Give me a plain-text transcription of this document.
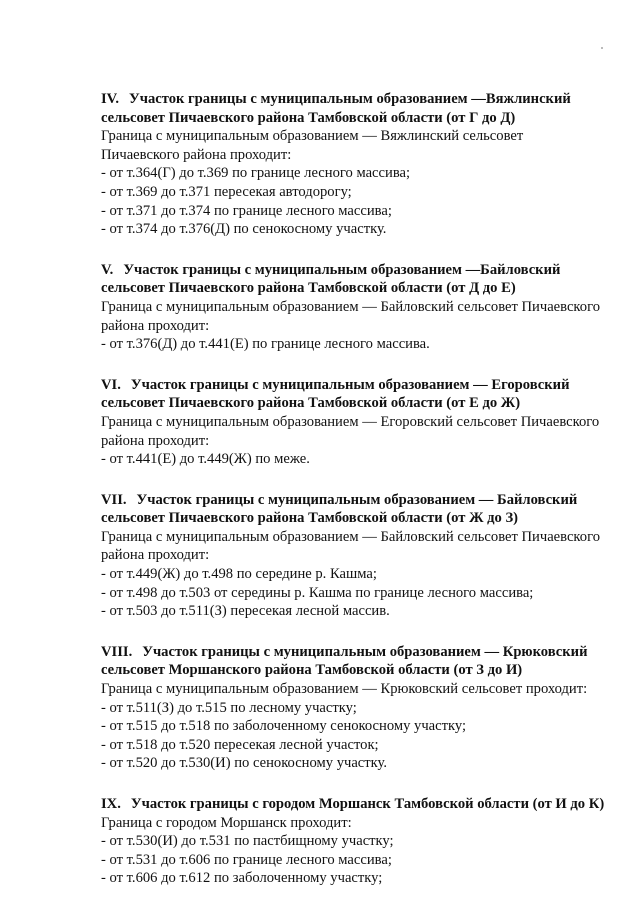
IV. Участок границы с муниципальным образованием —Вяжлинский

сельсовет Пичаевского района Тамбовской области (от Г до Д)

Граница с муниципальным образованием — Вяжлинский сельсовет

Пичаевского района проходит:

- от т.364(Г) до т.369 по границе лесного массива;

- от т.369 до т.371 пересекая автодорогу;

- от т.371 до т.374 по границе лесного массива;

- от т.374 до т.376(Д) по сенокосному участку.

V. Участок границы с муниципальным образованием —Байловский

сельсовет Пичаевского района Тамбовской области (от Д до Е)

Граница с муниципальным образованием — Байловский сельсовет Пичаевского

района проходит:

- от т.376(Д) до т.441(Е) по границе лесного массива.

VI. Участок границы с муниципальным образованием — Егоровский

сельсовет Пичаевского района Тамбовской области (от Е до Ж)

Граница с муниципальным образованием — Егоровский сельсовет Пичаевского

района проходит:

- от т.441(Е) до т.449(Ж) по меже.

VII. Участок границы с муниципальным образованием — Байловский

сельсовет Пичаевского района Тамбовской области (от Ж до З)

Граница с муниципальным образованием — Байловский сельсовет Пичаевского

района проходит:

- от т.449(Ж) до т.498 по середине р. Кашма;

- от т.498 до т.503 от середины р. Кашма по границе лесного массива;

- от т.503 до т.511(З) пересекая лесной массив.

VIII. Участок границы с муниципальным образованием — Крюковский

сельсовет Моршанского района Тамбовской области (от З до И)

Граница с муниципальным образованием — Крюковский сельсовет проходит:

- от т.511(З) до т.515 по лесному участку;

- от т.515 до т.518 по заболоченному сенокосному участку;

- от т.518 до т.520 пересекая лесной участок;

- от т.520 до т.530(И) по сенокосному участку.

IX. Участок границы с городом Моршанск Тамбовской области (от И до К)

Граница с городом Моршанск проходит:

- от т.530(И) до т.531 по пастбищному участку;

- от т.531 до т.606 по границе лесного массива;

- от т.606 до т.612 по заболоченному участку;
